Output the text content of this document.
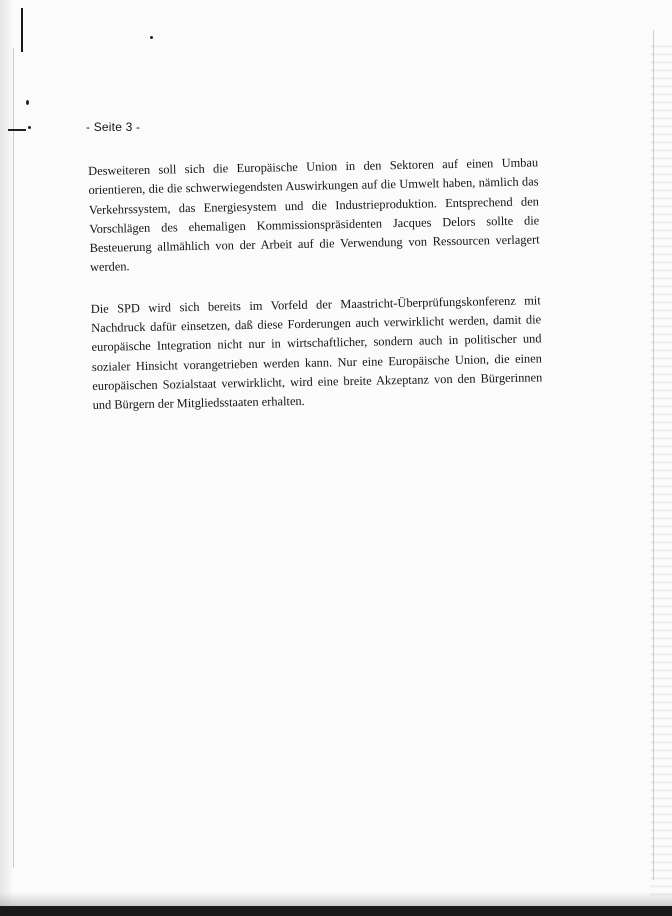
- Seite 3 -

Desweiteren soll sich die Europäische Union in den Sektoren auf einen Umbau orientieren, die die schwerwiegendsten Auswirkungen auf die Umwelt haben, nämlich das Verkehrssystem, das Energiesystem und die Industrieproduktion. Entsprechend den Vorschlägen des ehemaligen Kommissionspräsidenten Jacques Delors sollte die Besteuerung allmählich von der Arbeit auf die Verwendung von Ressourcen verlagert werden.

Die SPD wird sich bereits im Vorfeld der Maastricht-Überprüfungskonferenz mit Nachdruck dafür einsetzen, daß diese Forderungen auch verwirklicht werden, damit die europäische Integration nicht nur in wirtschaftlicher, sondern auch in politischer und sozialer Hinsicht vorangetrieben werden kann. Nur eine Europäische Union, die einen europäischen Sozialstaat verwirklicht, wird eine breite Akzeptanz von den Bürgerinnen und Bürgern der Mitgliedsstaaten erhalten.
